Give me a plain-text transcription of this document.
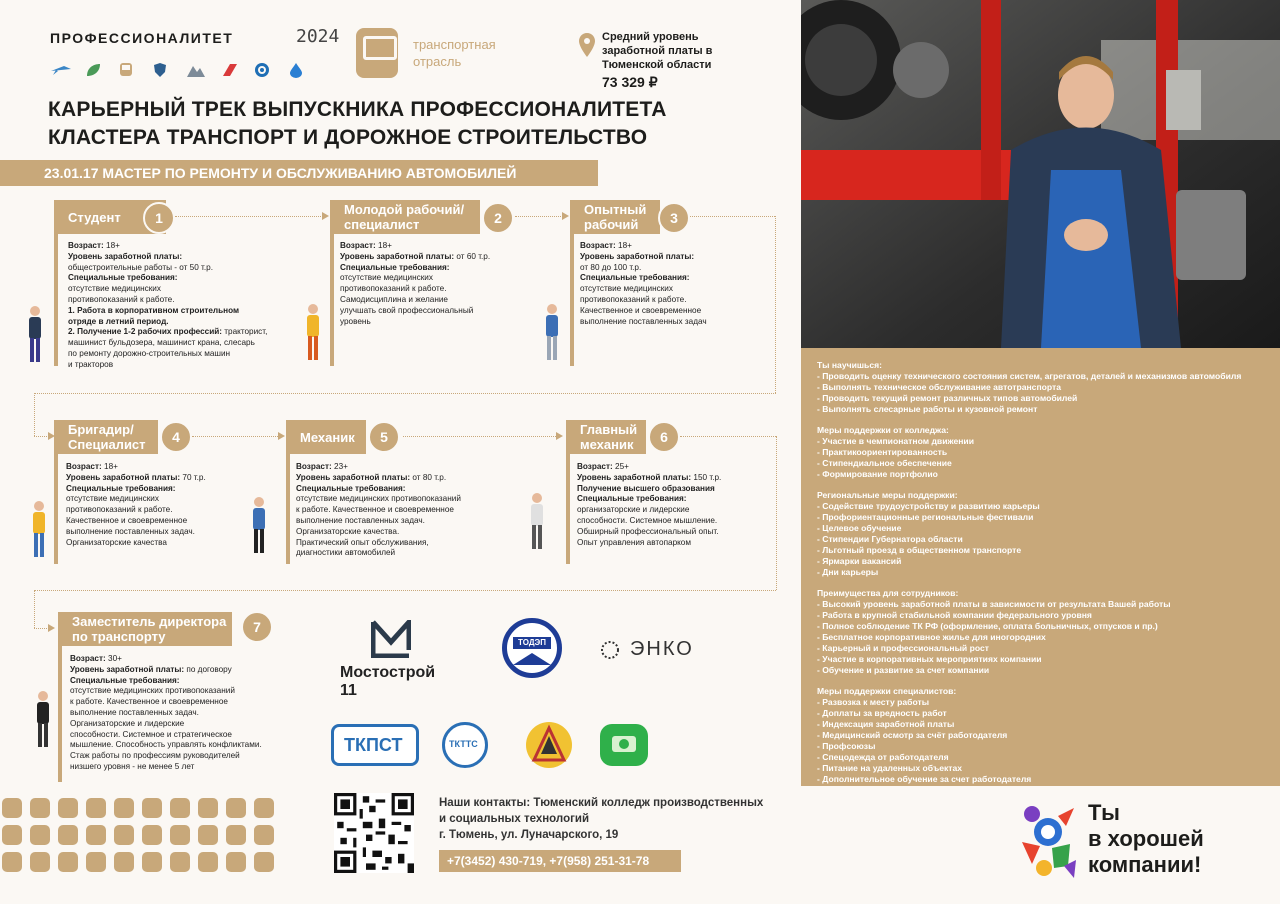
ПРОФЕССИОНАЛИТЕТ	2024	транспортная отрасль
Средний уровень заработной платы в Тюменской области
73 329 ₽
КАРЬЕРНЫЙ ТРЕК ВЫПУСКНИКА ПРОФЕССИОНАЛИТЕТА
КЛАСТЕРА ТРАНСПОРТ И ДОРОЖНОЕ СТРОИТЕЛЬСТВО
23.01.17 МАСТЕР ПО РЕМОНТУ И ОБСЛУЖИВАНИЮ АВТОМОБИЛЕЙ
Ты научишься:
- Проводить оценку технического состояния систем, агрегатов, деталей и механизмов автомобиля
- Выполнять техническое обслуживание автотранспорта
- Проводить текущий ремонт различных типов автомобилей
- Выполнять слесарные работы и кузовной ремонт
Меры поддержки от колледжа:
- Участие в чемпионатном движении
- Практикоориентированность
- Стипендиальное обеспечение
- Формирование портфолио
Региональные меры поддержки:
- Содействие трудоустройству и развитию карьеры
- Профориентационные региональные фестивали
- Целевое обучение
- Стипендии Губернатора области
- Льготный проезд в общественном транспорте
- Ярмарки вакансий
- Дни карьеры
Преимущества для сотрудников:
- Высокий уровень заработной платы в зависимости от результата Вашей работы
- Работа в крупной стабильной компании федерального уровня
- Полное соблюдение ТК РФ (оформление, оплата больничных, отпусков и пр.)
- Бесплатное корпоративное жилье для иногородних
- Карьерный и профессиональный рост
- Участие в корпоративных мероприятиях компании
- Обучение и развитие за счет компании
Меры поддержки специалистов:
- Развозка к месту работы
- Доплаты за вредность работ
- Индексация заработной платы
- Медицинский осмотр за счёт работодателя
- Профсоюзы
- Спецодежда от работодателя
- Питание на удаленных объектах
- Дополнительное обучение за счет работодателя
Студент	1
Возраст: 18+
Уровень заработной платы:
общестроительные работы - от 50 т.р.
Специальные требования:
отсутствие медицинских
противопоказаний к работе.
1. Работа в корпоративном строительном
отряде в летний период.
2. Получение 1-2 рабочих профессий: тракторист,
машинист бульдозера, машинист крана, слесарь
по ремонту дорожно-строительных машин
и тракторов
Молодой рабочий/ специалист	2
Возраст: 18+
Уровень заработной платы: от 60 т.р.
Специальные требования:
отсутствие медицинских
противопоказаний к работе.
Самодисциплина и желание
улучшать свой профессиональный
уровень
Опытный рабочий	3
Возраст: 18+
Уровень заработной платы:
от 80 до 100 т.р.
Специальные требования:
отсутствие медицинских
противопоказаний к работе.
Качественное и своевременное
выполнение поставленных задач
Бригадир/ Специалист	4
Возраст: 18+
Уровень заработной платы: 70 т.р.
Специальные требования:
отсутствие медицинских
противопоказаний к работе.
Качественное и своевременное
выполнение поставленных задач.
Организаторские качества
Механик	5
Возраст: 23+
Уровень заработной платы: от 80 т.р.
Специальные требования:
отсутствие медицинских противопоказаний
к работе. Качественное и своевременное
выполнение поставленных задач.
Организаторские качества.
Практический опыт обслуживания,
диагностики автомобилей
Главный механик	6
Возраст: 25+
Уровень заработной платы: 150 т.р.
Получение высшего образования
Специальные требования:
организаторские и лидерские
способности. Системное мышление.
Обширный профессиональный опыт.
Опыт управления автопарком
Заместитель директора по транспорту
7
Возраст: 30+
Уровень заработной платы: по договору
Специальные требования:
отсутствие медицинских противопоказаний
к работе. Качественное и своевременное
выполнение поставленных задач.
Организаторские и лидерские
способности. Системное и стратегическое
мышление. Способность управлять конфликтами.
Стаж работы по профессиям руководителей
низшего уровня - не менее 5 лет
Мостострой 11
ТОДЭП	ЭНКО
ТКПСТ	ТКТТС
Наши контакты: Тюменский колледж производственных
и социальных технологий
г. Тюмень, ул. Луначарского, 19
+7(3452) 430-719, +7(958) 251-31-78
Ты
в хорошей
компании!
